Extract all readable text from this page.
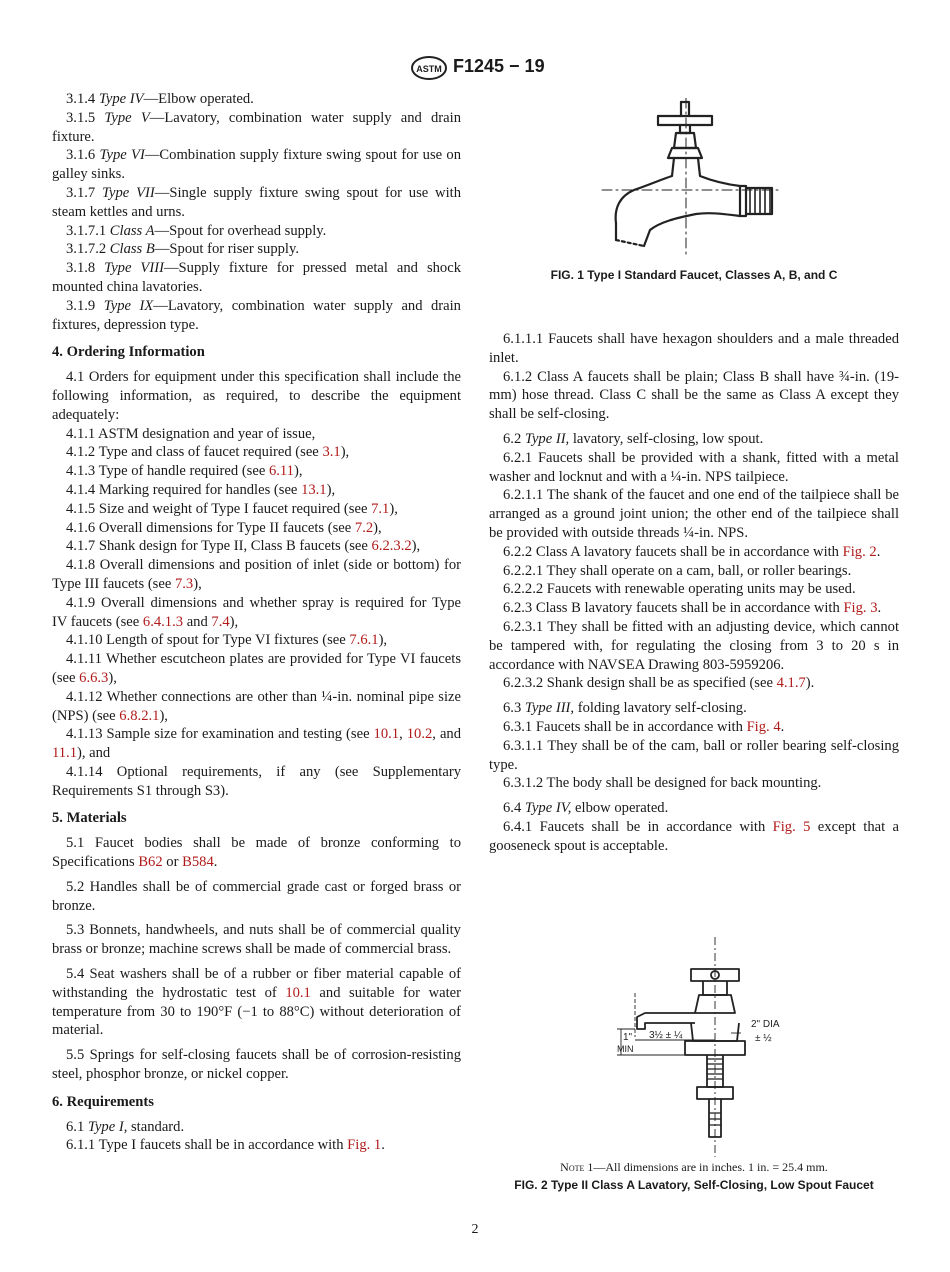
ASTM F1245 − 19

3.1.4 Type IV—Elbow operated.

3.1.5 Type V—Lavatory, combination water supply and drain fixture.

3.1.6 Type VI—Combination supply fixture swing spout for use on galley sinks.

3.1.7 Type VII—Single supply fixture swing spout for use with steam kettles and urns.

3.1.7.1 Class A—Spout for overhead supply.

3.1.7.2 Class B—Spout for riser supply.

3.1.8 Type VIII—Supply fixture for pressed metal and shock mounted china lavatories.

3.1.9 Type IX—Lavatory, combination water supply and drain fixtures, depression type.

4. Ordering Information

4.1 Orders for equipment under this specification shall include the following information, as required, to describe the equipment adequately:

4.1.1 ASTM designation and year of issue,

4.1.2 Type and class of faucet required (see 3.1),

4.1.3 Type of handle required (see 6.11),

4.1.4 Marking required for handles (see 13.1),

4.1.5 Size and weight of Type I faucet required (see 7.1),

4.1.6 Overall dimensions for Type II faucets (see 7.2),

4.1.7 Shank design for Type II, Class B faucets (see 6.2.3.2),

4.1.8 Overall dimensions and position of inlet (side or bottom) for Type III faucets (see 7.3),

4.1.9 Overall dimensions and whether spray is required for Type IV faucets (see 6.4.1.3 and 7.4),

4.1.10 Length of spout for Type VI fixtures (see 7.6.1),

4.1.11 Whether escutcheon plates are provided for Type VI faucets (see 6.6.3),

4.1.12 Whether connections are other than ¼-in. nominal pipe size (NPS) (see 6.8.2.1),

4.1.13 Sample size for examination and testing (see 10.1, 10.2, and 11.1), and

4.1.14 Optional requirements, if any (see Supplementary Requirements S1 through S3).

5. Materials

5.1 Faucet bodies shall be made of bronze conforming to Specifications B62 or B584.

5.2 Handles shall be of commercial grade cast or forged brass or bronze.

5.3 Bonnets, handwheels, and nuts shall be of commercial quality brass or bronze; machine screws shall be made of commercial brass.

5.4 Seat washers shall be of a rubber or fiber material capable of withstanding the hydrostatic test of 10.1 and suitable for water temperature from 30 to 190°F (−1 to 88°C) without deterioration of material.

5.5 Springs for self-closing faucets shall be of corrosion-resisting steel, phosphor bronze, or nickel copper.

6. Requirements

6.1 Type I, standard.

6.1.1 Type I faucets shall be in accordance with Fig. 1.

6.1.1.1 Faucets shall have hexagon shoulders and a male threaded inlet.

6.1.2 Class A faucets shall be plain; Class B shall have ¾-in. (19-mm) hose thread. Class C shall be the same as Class A except they shall be self-closing.

6.2 Type II, lavatory, self-closing, low spout.

6.2.1 Faucets shall be provided with a shank, fitted with a metal washer and locknut and with a ¼-in. NPS tailpiece.

6.2.1.1 The shank of the faucet and one end of the tailpiece shall be arranged as a ground joint union; the other end of the tailpiece shall be provided with outside threads ¼-in. NPS.

6.2.2 Class A lavatory faucets shall be in accordance with Fig. 2.

6.2.2.1 They shall operate on a cam, ball, or roller bearings.

6.2.2.2 Faucets with renewable operating units may be used.

6.2.3 Class B lavatory faucets shall be in accordance with Fig. 3.

6.2.3.1 They shall be fitted with an adjusting device, which cannot be tampered with, for regulating the closing from 3 to 20 s in accordance with NAVSEA Drawing 803-5959206.

6.2.3.2 Shank design shall be as specified (see 4.1.7).

6.3 Type III, folding lavatory self-closing.

6.3.1 Faucets shall be in accordance with Fig. 4.

6.3.1.1 They shall be of the cam, ball or roller bearing self-closing type.

6.3.1.2 The body shall be designed for back mounting.

6.4 Type IV, elbow operated.

6.4.1 Faucets shall be in accordance with Fig. 5 except that a gooseneck spout is acceptable.

FIG. 1 Type I Standard Faucet, Classes A, B, and C
1"
MIN
3½ ± ¼
2" DIA
± ½
Note 1—All dimensions are in inches. 1 in. = 25.4 mm.
FIG. 2 Type II Class A Lavatory, Self-Closing, Low Spout Faucet
2
